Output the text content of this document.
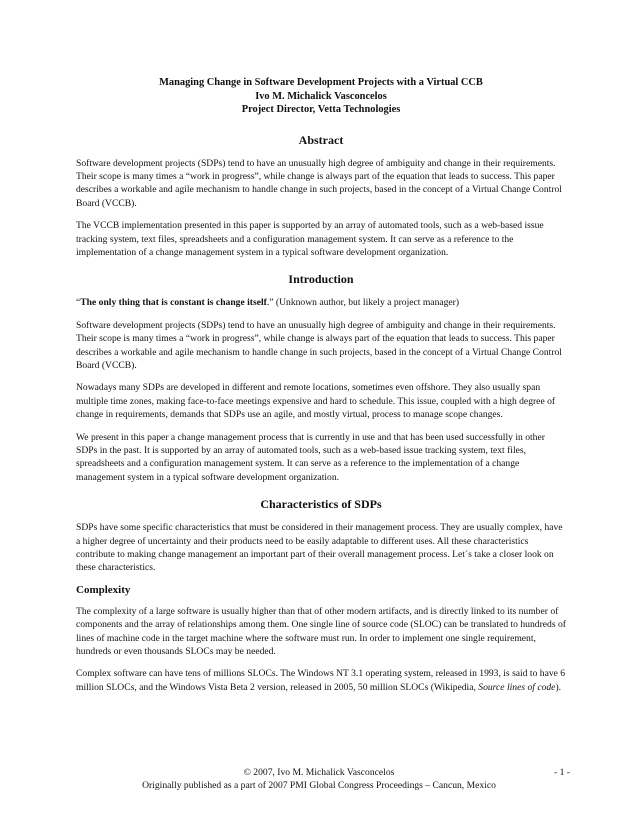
Managing Change in Software Development Projects with a Virtual CCB
Ivo M. Michalick Vasconcelos
Project Director, Vetta Technologies
Abstract

Software development projects (SDPs) tend to have an unusually high degree of ambiguity and change in their requirements. Their scope is many times a “work in progress”, while change is always part of the equation that leads to success. This paper describes a workable and agile mechanism to handle change in such projects, based in the concept of a Virtual Change Control Board (VCCB).

The VCCB implementation presented in this paper is supported by an array of automated tools, such as a web-based issue tracking system, text files, spreadsheets and a configuration management system. It can serve as a reference to the implementation of a change management system in a typical software development organization.

Introduction

“The only thing that is constant is change itself.” (Unknown author, but likely a project manager)

Software development projects (SDPs) tend to have an unusually high degree of ambiguity and change in their requirements. Their scope is many times a “work in progress”, while change is always part of the equation that leads to success. This paper describes a workable and agile mechanism to handle change in such projects, based in the concept of a Virtual Change Control Board (VCCB).

Nowadays many SDPs are developed in different and remote locations, sometimes even offshore. They also usually span multiple time zones, making face-to-face meetings expensive and hard to schedule. This issue, coupled with a high degree of change in requirements, demands that SDPs use an agile, and mostly virtual, process to manage scope changes.

We present in this paper a change management process that is currently in use and that has been used successfully in other SDPs in the past. It is supported by an array of automated tools, such as a web-based issue tracking system, text files, spreadsheets and a configuration management system. It can serve as a reference to the implementation of a change management system in a typical software development organization.

Characteristics of SDPs

SDPs have some specific characteristics that must be considered in their management process. They are usually complex, have a higher degree of uncertainty and their products need to be easily adaptable to different uses. All these characteristics contribute to making change management an important part of their overall management process. Let´s take a closer look on these characteristics.

Complexity

The complexity of a large software is usually higher than that of other modern artifacts, and is directly linked to its number of components and the array of relationships among them. One single line of source code (SLOC) can be translated to hundreds of lines of machine code in the target machine where the software must run. In order to implement one single requirement, hundreds or even thousands SLOCs may be needed.

Complex software can have tens of millions SLOCs. The Windows NT 3.1 operating system, released in 1993, is said to have 6 million SLOCs, and the Windows Vista Beta 2 version, released in 2005, 50 million SLOCs (Wikipedia, Source lines of code).

© 2007, Ivo M. Michalick Vasconcelos	- 1 -
Originally published as a part of 2007 PMI Global Congress Proceedings – Cancun, Mexico
